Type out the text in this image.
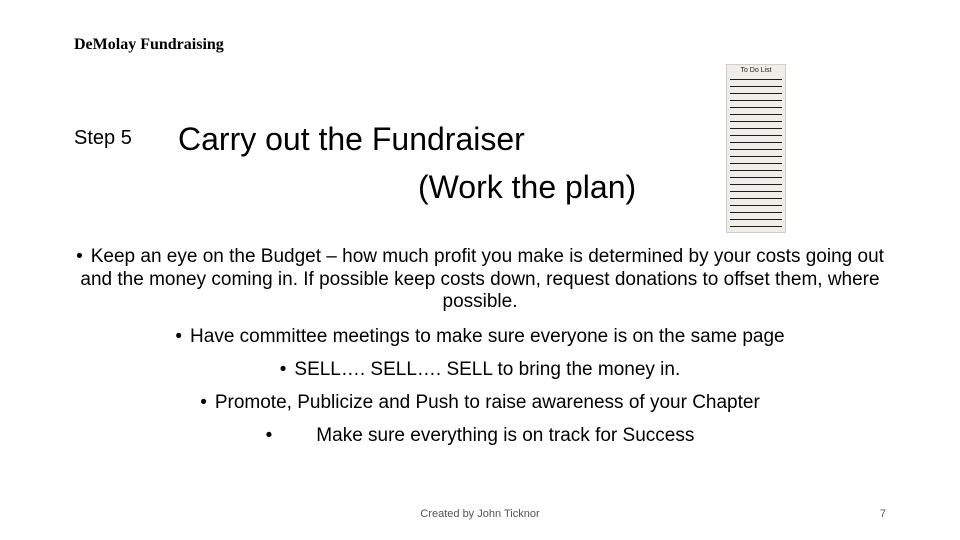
DeMolay Fundraising
Step 5 Carry out the Fundraiser
(Work the plan)
To Do List
• Keep an eye on the Budget – how much profit you make is determined by your costs going out and the money coming in. If possible keep costs down, request donations to offset them, where possible.
• Have committee meetings to make sure everyone is on the same page
• SELL…. SELL…. SELL to bring the money in.
• Promote, Publicize and Push to raise awareness of your Chapter
• Make sure everything is on track for Success
Created by John Ticknor	7
